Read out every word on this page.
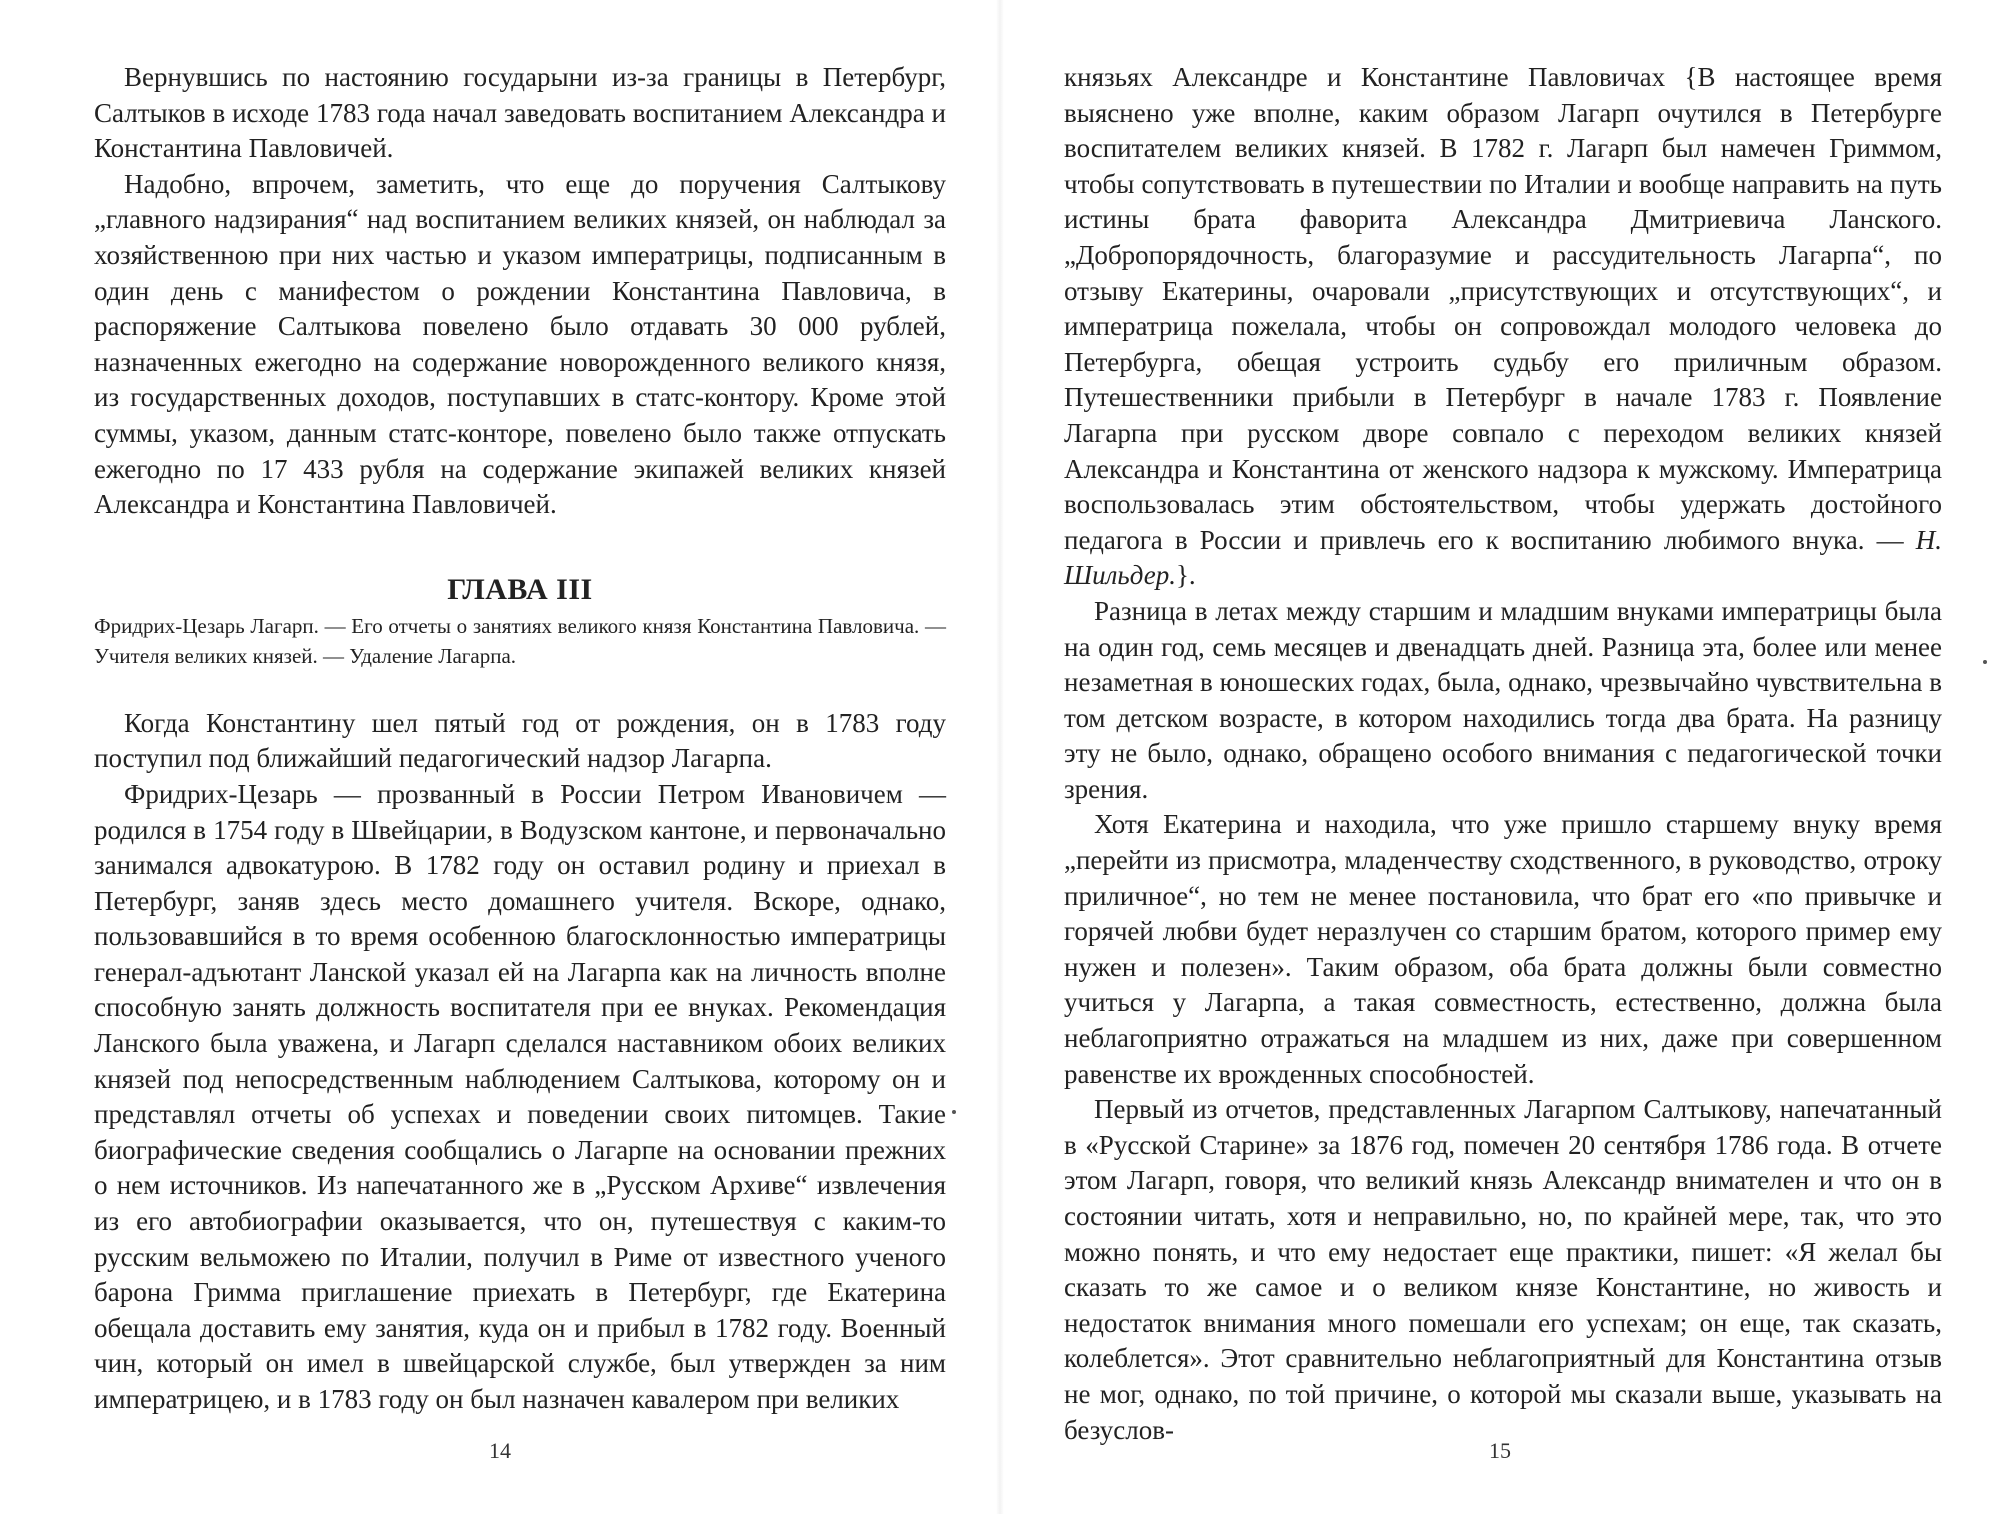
Вернувшись по настоянию государыни из-за границы в Петербург, Салтыков в исходе 1783 года начал заведовать воспитанием Александра и Константина Павловичей.

Надобно, впрочем, заметить, что еще до поручения Салтыкову „главного надзирания“ над воспитанием великих князей, он наблюдал за хозяйственною при них частью и указом императрицы, подписанным в один день с манифестом о рождении Константина Павловича, в распоряжение Салтыкова повелено было отдавать 30 000 рублей, назначенных ежегодно на содержание новорожденного великого князя, из государственных доходов, поступавших в статс-контору. Кроме этой суммы, указом, данным статс-конторе, повелено было также отпускать ежегодно по 17 433 рубля на содержание экипажей великих князей Александра и Константина Павловичей.

ГЛАВА III
Фридрих-Цезарь Лагарп. — Его отчеты о занятиях великого князя Константина Павловича. — Учителя великих князей. — Удаление Лагарпа.

Когда Константину шел пятый год от рождения, он в 1783 году поступил под ближайший педагогический надзор Лагарпа.

Фридрих-Цезарь — прозванный в России Петром Ивановичем — родился в 1754 году в Швейцарии, в Водузском кантоне, и первоначально занимался адвокатурою. В 1782 году он оставил родину и приехал в Петербург, заняв здесь место домашнего учителя. Вскоре, однако, пользовавшийся в то время особенною благосклонностью императрицы генерал-адъютант Ланской указал ей на Лагарпа как на личность вполне способную занять должность воспитателя при ее внуках. Рекомендация Ланского была уважена, и Лагарп сделался наставником обоих великих князей под непосредственным наблюдением Салтыкова, которому он и представлял отчеты об успехах и поведении своих питомцев. Такие биографические сведения сообщались о Лагарпе на основании прежних о нем источников. Из напечатанного же в „Русском Архиве“ извлечения из его автобиографии оказывается, что он, путешествуя с каким-то русским вельможею по Италии, получил в Риме от известного ученого барона Гримма приглашение приехать в Петербург, где Екатерина обещала доставить ему занятия, куда он и прибыл в 1782 году. Военный чин, который он имел в швейцарской службе, был утвержден за ним императрицею, и в 1783 году он был назначен кавалером при великих

14

князьях Александре и Константине Павловичах {В настоящее время выяснено уже вполне, каким образом Лагарп очутился в Петербурге воспитателем великих князей. В 1782 г. Лагарп был намечен Гриммом, чтобы сопутствовать в путешествии по Италии и вообще направить на путь истины брата фаворита Александра Дмитриевича Ланского. „Добропорядочность, благоразумие и рассудительность Лагарпа“, по отзыву Екатерины, очаровали „присутствующих и отсутствующих“, и императрица пожелала, чтобы он сопровождал молодого человека до Петербурга, обещая устроить судьбу его приличным образом. Путешественники прибыли в Петербург в начале 1783 г. Появление Лагарпа при русском дворе совпало с переходом великих князей Александра и Константина от женского надзора к мужскому. Императрица воспользовалась этим обстоятельством, чтобы удержать достойного педагога в России и привлечь его к воспитанию любимого внука. — Н. Шильдер.}.

Разница в летах между старшим и младшим внуками императрицы была на один год, семь месяцев и двенадцать дней. Разница эта, более или менее незаметная в юношеских годах, была, однако, чрезвычайно чувствительна в том детском возрасте, в котором находились тогда два брата. На разницу эту не было, однако, обращено особого внимания с педагогической точки зрения.

Хотя Екатерина и находила, что уже пришло старшему внуку время „перейти из присмотра, младенчеству сходственного, в руководство, отроку приличное“, но тем не менее постановила, что брат его «по привычке и горячей любви будет неразлучен со старшим братом, которого пример ему нужен и полезен». Таким образом, оба брата должны были совместно учиться у Лагарпа, а такая совместность, естественно, должна была неблагоприятно отражаться на младшем из них, даже при совершенном равенстве их врожденных способностей.

Первый из отчетов, представленных Лагарпом Салтыкову, напечатанный в «Русской Старине» за 1876 год, помечен 20 сентября 1786 года. В отчете этом Лагарп, говоря, что великий князь Александр внимателен и что он в состоянии читать, хотя и неправильно, но, по крайней мере, так, что это можно понять, и что ему недостает еще практики, пишет: «Я желал бы сказать то же самое и о великом князе Константине, но живость и недостаток внимания много помешали его успехам; он еще, так сказать, колеблется». Этот сравнительно неблагоприятный для Константина отзыв не мог, однако, по той причине, о которой мы сказали выше, указывать на безуслов-

15
